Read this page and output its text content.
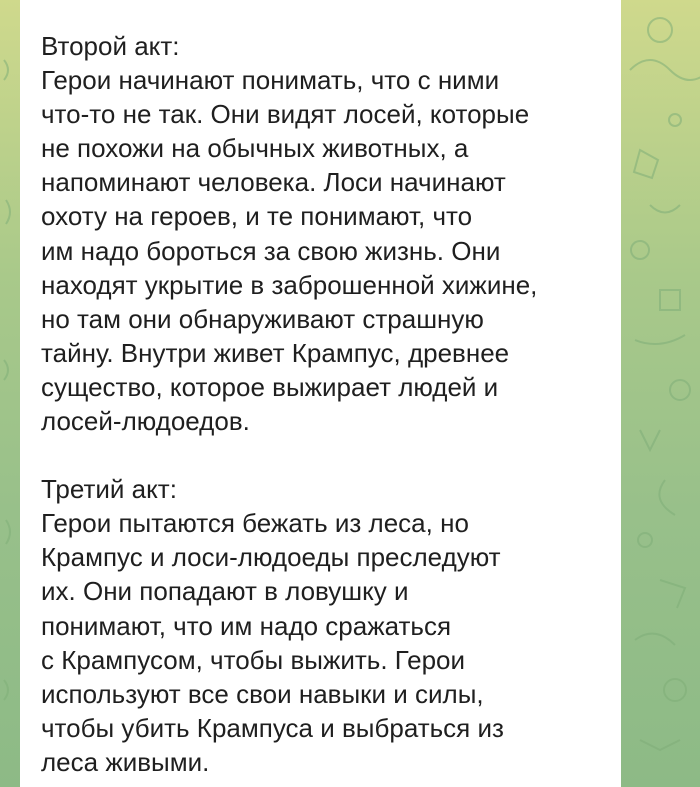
Второй акт:
Герои начинают понимать, что с ними
что-то не так. Они видят лосей, которые
не похожи на обычных животных, а
напоминают человека. Лоси начинают
охоту на героев, и те понимают, что
им надо бороться за свою жизнь. Они
находят укрытие в заброшенной хижине,
но там они обнаруживают страшную
тайну. Внутри живет Крампус, древнее
существо, которое выжирает людей и
лосей-людоедов.
Третий акт:
Герои пытаются бежать из леса, но
Крампус и лоси-людоеды преследуют
их. Они попадают в ловушку и
понимают, что им надо сражаться
с Крампусом, чтобы выжить. Герои
используют все свои навыки и силы,
чтобы убить Крампуса и выбраться из
леса живыми.
